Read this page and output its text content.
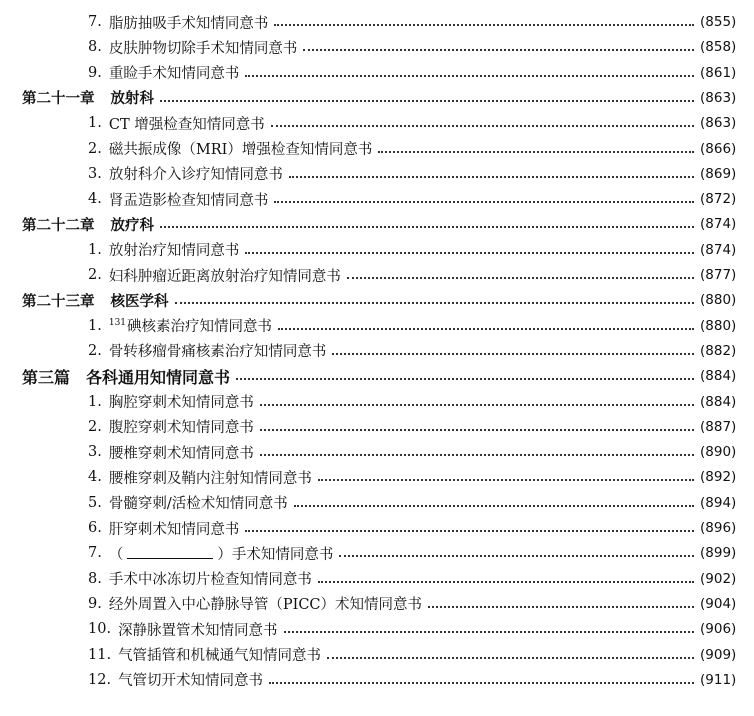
7. 脂肪抽吸手术知情同意书	(855)
8. 皮肤肿物切除手术知情同意书	(858)
9. 重睑手术知情同意书	(861)
第二十一章 放射科	(863)
1. CT 增强检查知情同意书	(863)
2. 磁共振成像（MRI）增强检查知情同意书	(866)
3. 放射科介入诊疗知情同意书	(869)
4. 肾盂造影检查知情同意书	(872)
第二十二章 放疗科	(874)
1. 放射治疗知情同意书	(874)
2. 妇科肿瘤近距离放射治疗知情同意书	(877)
第二十三章 核医学科	(880)
1. $^{131}$碘核素治疗知情同意书	(880)
2. 骨转移瘤骨痛核素治疗知情同意书	(882)
第三篇 各科通用知情同意书	(884)
1. 胸腔穿刺术知情同意书	(884)
2. 腹腔穿刺术知情同意书	(887)
3. 腰椎穿刺术知情同意书	(890)
4. 腰椎穿刺及鞘内注射知情同意书	(892)
5. 骨髓穿刺/活检术知情同意书	(894)
6. 肝穿刺术知情同意书	(896)
7. （	）手术知情同意书	(899)
8. 手术中冰冻切片检查知情同意书	(902)
9. 经外周置入中心静脉导管（PICC）术知情同意书	(904)
10. 深静脉置管术知情同意书	(906)
11. 气管插管和机械通气知情同意书	(909)
12. 气管切开术知情同意书	(911)
